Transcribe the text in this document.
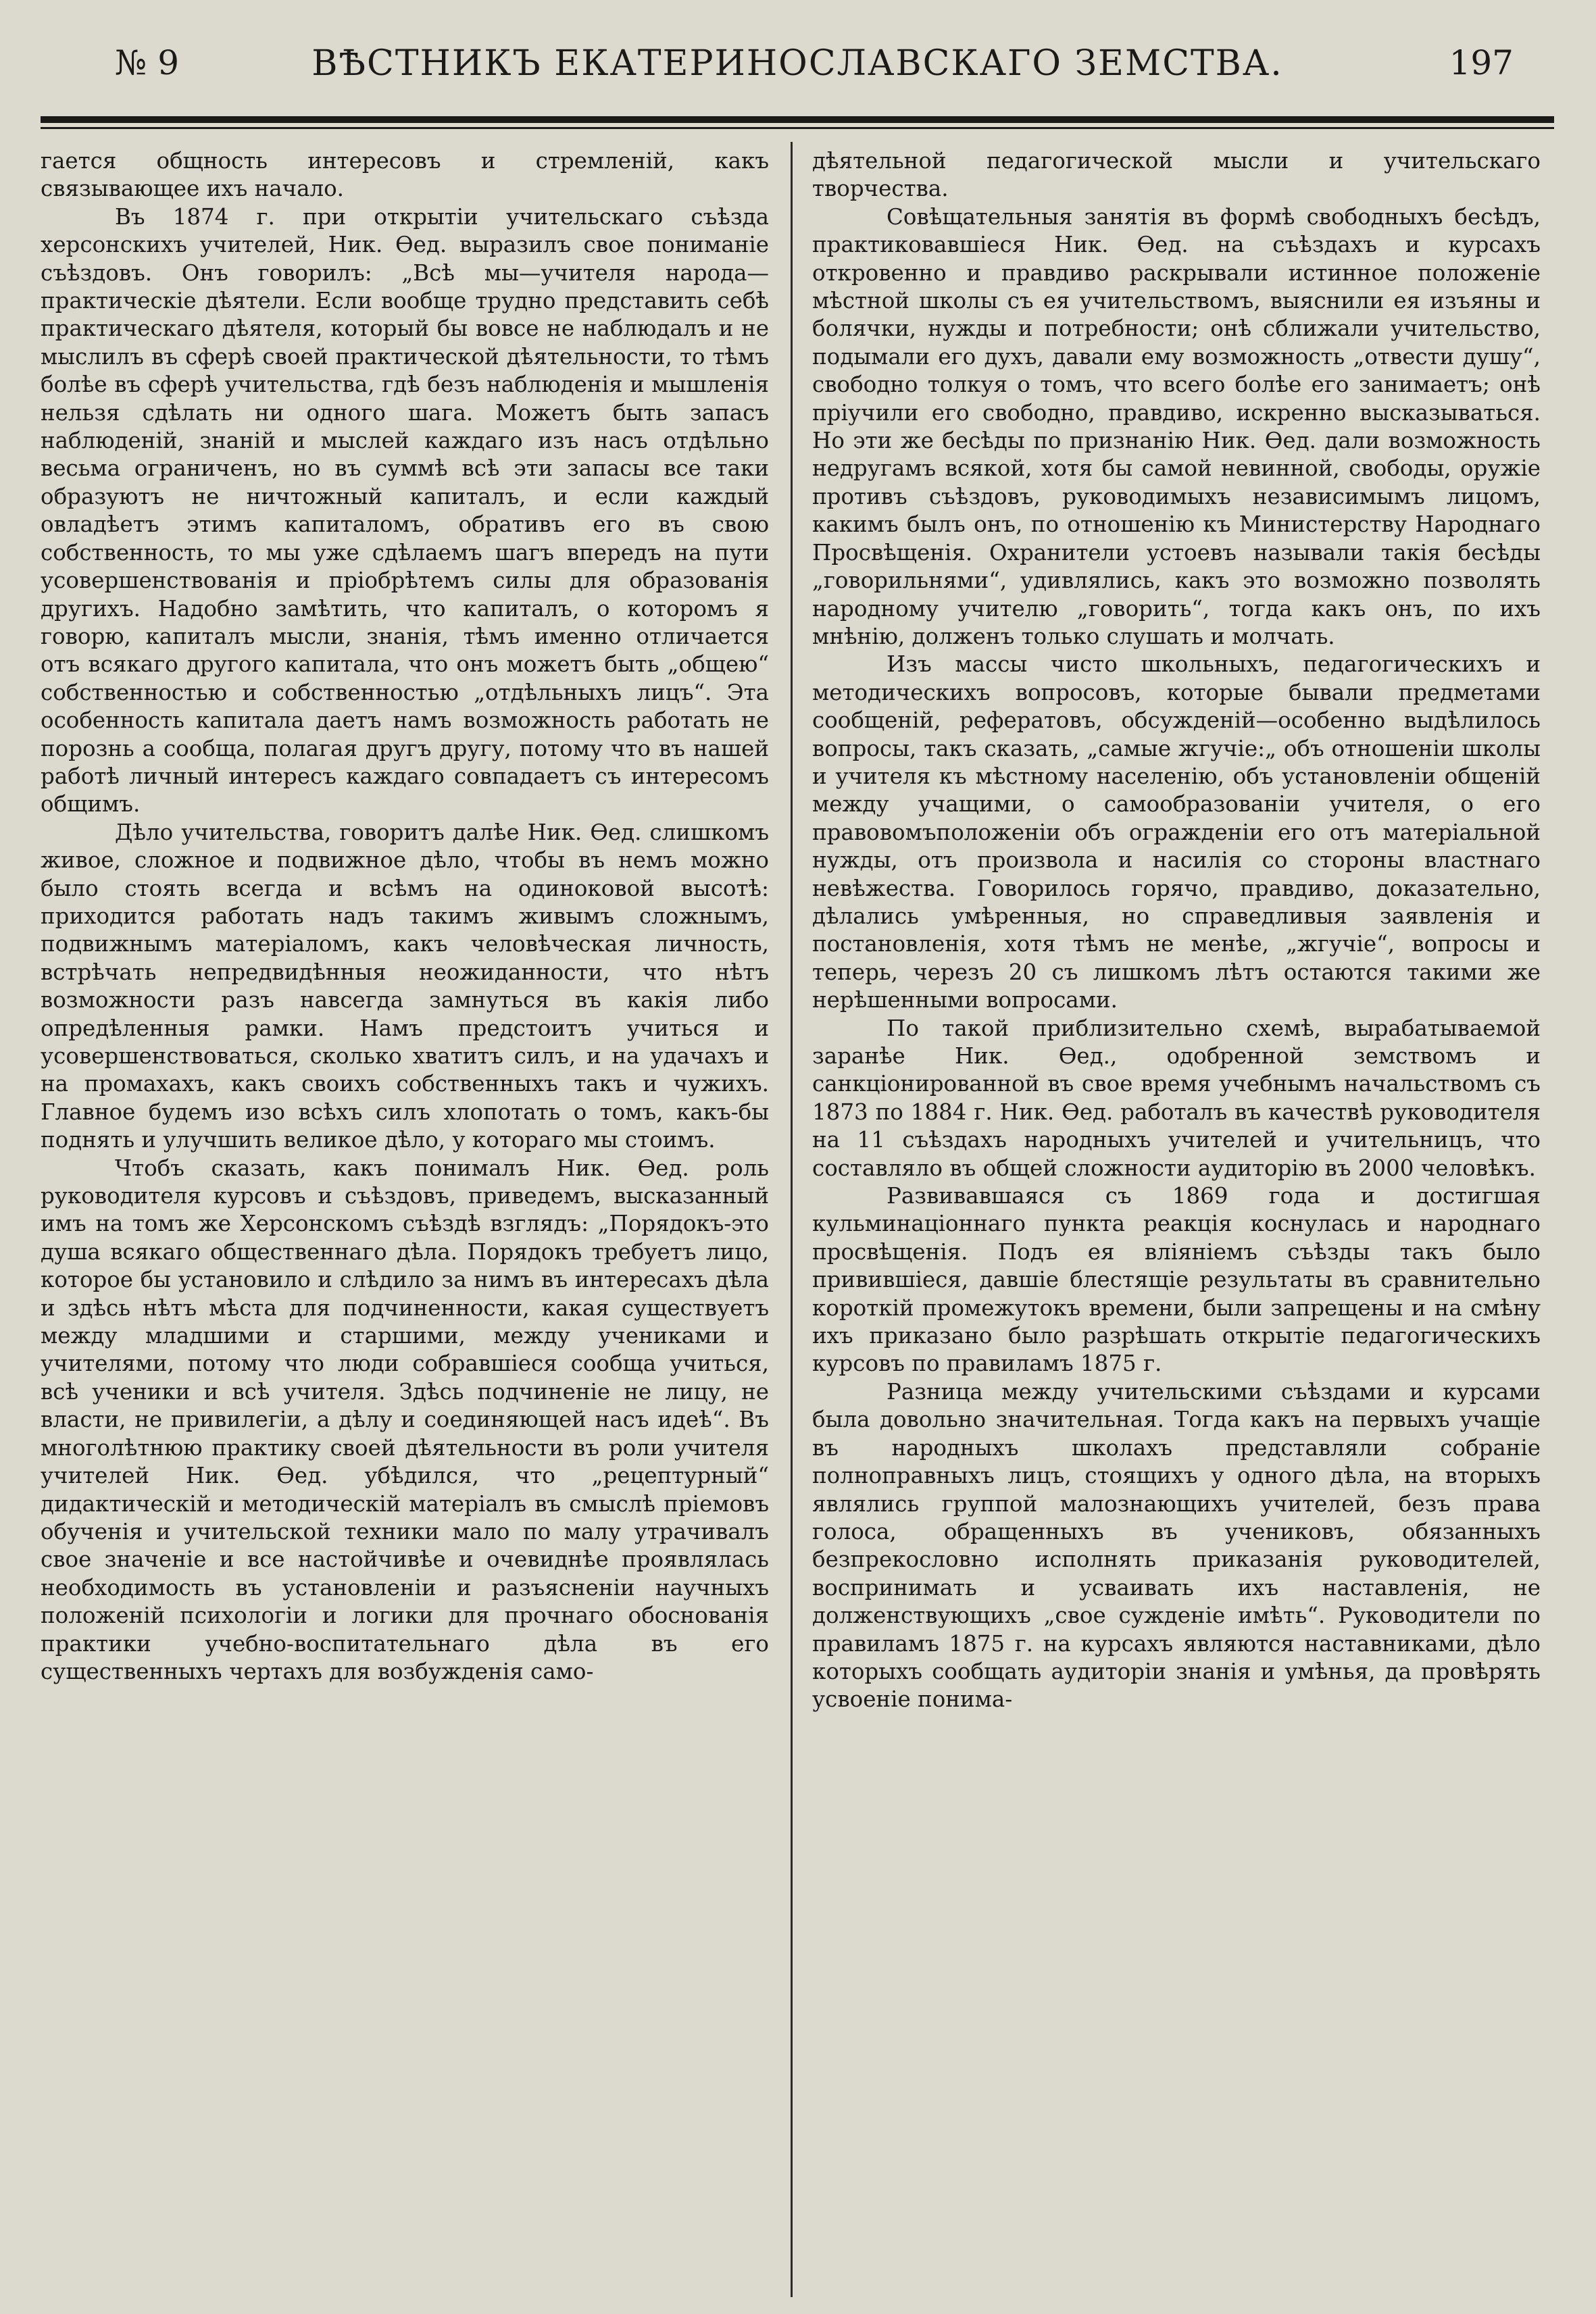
№ 9	ВѢСТНИКЪ ЕКАТЕРИНОСЛАВСКАГО ЗЕМСТВА.	197

гается общность интересовъ и стремленій, какъ связывающее ихъ начало.

Въ 1874 г. при открытіи учительскаго съѣзда херсонскихъ учителей, Ник. Ѳед. выразилъ свое пониманіе съѣздовъ. Онъ говорилъ: „Всѣ мы—учителя народа—практическіе дѣятели. Если вообще трудно представить себѣ практическаго дѣятеля, который бы вовсе не наблюдалъ и не мыслилъ въ сферѣ своей практической дѣятельности, то тѣмъ болѣе въ сферѣ учительства, гдѣ безъ наблюденія и мышленія нельзя сдѣлать ни одного шага. Можетъ быть запасъ наблюденій, знаній и мыслей каждаго изъ насъ отдѣльно весьма ограниченъ, но въ суммѣ всѣ эти запасы все таки образуютъ не ничтожный капиталъ, и если каждый овладѣетъ этимъ капиталомъ, обративъ его въ свою собственность, то мы уже сдѣлаемъ шагъ впередъ на пути усовершенствованія и пріобрѣтемъ силы для образованія другихъ. Надобно замѣтить, что капиталъ, о которомъ я говорю, капиталъ мысли, знанія, тѣмъ именно отличается отъ всякаго другого капитала, что онъ можетъ быть „общею“ собственностью и собственностью „отдѣльныхъ лицъ“. Эта особенность капитала даетъ намъ возможность работать не порознь а сообща, полагая другъ другу, потому что въ нашей работѣ личный интересъ каждаго совпадаетъ съ интересомъ общимъ.

Дѣло учительства, говоритъ далѣе Ник. Ѳед. слишкомъ живое, сложное и подвижное дѣло, чтобы въ немъ можно было стоять всегда и всѣмъ на одиноковой высотѣ: приходится работать надъ такимъ живымъ сложнымъ, подвижнымъ матеріаломъ, какъ человѣческая личность, встрѣчать непредвидѣнныя неожиданности, что нѣтъ возможности разъ навсегда замнуться въ какія либо опредѣленныя рамки. Намъ предстоитъ учиться и усовершенствоваться, сколько хватитъ силъ, и на удачахъ и на промахахъ, какъ своихъ собственныхъ такъ и чужихъ. Главное будемъ изо всѣхъ силъ хлопотать о томъ, какъ-бы поднять и улучшить великое дѣло, у котораго мы стоимъ.

Чтобъ сказать, какъ понималъ Ник. Ѳед. роль руководителя курсовъ и съѣздовъ, приведемъ, высказанный имъ на томъ же Херсонскомъ съѣздѣ взглядъ: „Порядокъ-это душа всякаго общественнаго дѣла. Порядокъ требуетъ лицо, которое бы установило и слѣдило за нимъ въ интересахъ дѣла и здѣсь нѣтъ мѣста для подчиненности, какая существуетъ между младшими и старшими, между учениками и учителями, потому что люди собравшіеся сообща учиться, всѣ ученики и всѣ учителя. Здѣсь подчиненіе не лицу, не власти, не привилегіи, а дѣлу и соединяющей насъ идеѣ“. Въ многолѣтнюю практику своей дѣятельности въ роли учителя учителей Ник. Ѳед. убѣдился, что „рецептурный“ дидактическій и методическій матеріалъ въ смыслѣ пріемовъ обученія и учительской техники мало по малу утрачивалъ свое значеніе и все настойчивѣе и очевиднѣе проявлялась необходимость въ установленіи и разъясненіи научныхъ положеній психологіи и логики для прочнаго обоснованія практики учебно-воспитательнаго дѣла въ его существенныхъ чертахъ для возбужденія само-

дѣятельной педагогической мысли и учительскаго творчества.

Совѣщательныя занятія въ формѣ свободныхъ бесѣдъ, практиковавшіеся Ник. Ѳед. на съѣздахъ и курсахъ откровенно и правдиво раскрывали истинное положеніе мѣстной школы съ ея учительствомъ, выяснили ея изъяны и болячки, нужды и потребности; онѣ сближали учительство, подымали его духъ, давали ему возможность „отвести душу“, свободно толкуя о томъ, что всего болѣе его занимаетъ; онѣ пріучили его свободно, правдиво, искренно высказываться. Но эти же бесѣды по признанію Ник. Ѳед. дали возможность недругамъ всякой, хотя бы самой невинной, свободы, оружіе противъ съѣздовъ, руководимыхъ независимымъ лицомъ, какимъ былъ онъ, по отношенію къ Министерству Народнаго Просвѣщенія. Охранители устоевъ называли такія бесѣды „говорильнями“, удивлялись, какъ это возможно позволять народному учителю „говорить“, тогда какъ онъ, по ихъ мнѣнію, долженъ только слушать и молчать.

Изъ массы чисто школьныхъ, педагогическихъ и методическихъ вопросовъ, которые бывали предметами сообщеній, рефератовъ, обсужденій—особенно выдѣлилось вопросы, такъ сказать, „самые жгучіе:„ объ отношеніи школы и учителя къ мѣстному населенію, объ установленіи общеній между учащими, о самообразованіи учителя, о его правовомъположеніи объ огражденіи его отъ матеріальной нужды, отъ произвола и насилія со стороны властнаго невѣжества. Говорилось горячо, правдиво, доказательно, дѣлались умѣренныя, но справедливыя заявленія и постановленія, хотя тѣмъ не менѣе, „жгучіе“, вопросы и теперь, черезъ 20 съ лишкомъ лѣтъ остаются такими же нерѣшенными вопросами.

По такой приблизительно схемѣ, вырабатываемой заранѣе Ник. Ѳед., одобренной земствомъ и санкціонированной въ свое время учебнымъ начальствомъ съ 1873 по 1884 г. Ник. Ѳед. работалъ въ качествѣ руководителя на 11 съѣздахъ народныхъ учителей и учительницъ, что составляло въ общей сложности аудиторію въ 2000 человѣкъ.

Развивавшаяся съ 1869 года и достигшая кульминаціоннаго пункта реакція коснулась и народнаго просвѣщенія. Подъ ея вліяніемъ съѣзды такъ было привившіеся, давшіе блестящіе результаты въ сравнительно короткій промежутокъ времени, были запрещены и на смѣну ихъ приказано было разрѣшать открытіе педагогическихъ курсовъ по правиламъ 1875 г.

Разница между учительскими съѣздами и курсами была довольно значительная. Тогда какъ на первыхъ учащіе въ народныхъ школахъ представляли собраніе полноправныхъ лицъ, стоящихъ у одного дѣла, на вторыхъ являлись группой малознающихъ учителей, безъ права голоса, обращенныхъ въ учениковъ, обязанныхъ безпрекословно исполнять приказанія руководителей, воспринимать и усваивать ихъ наставленія, не долженствующихъ „свое сужденіе имѣть“. Руководители по правиламъ 1875 г. на курсахъ являются наставниками, дѣло которыхъ сообщать аудиторіи знанія и умѣнья, да провѣрять усвоеніе понима-
